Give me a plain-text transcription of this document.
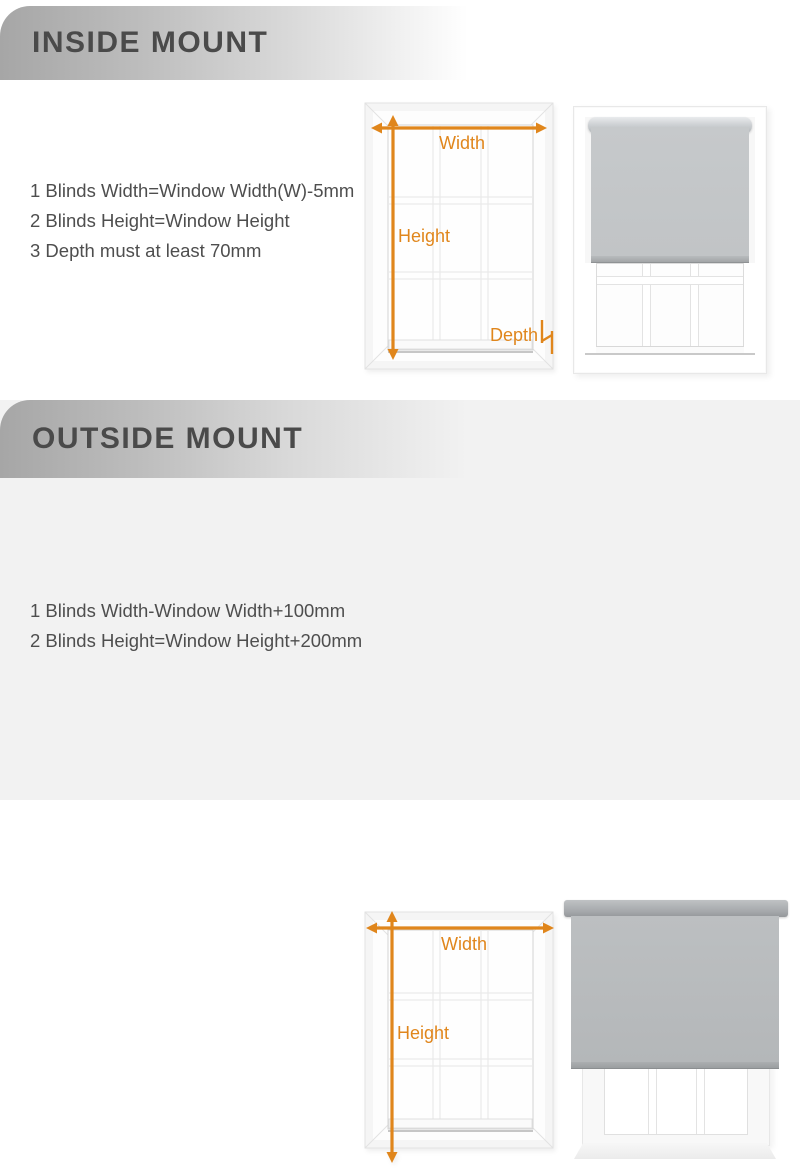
INSIDE MOUNT

1 Blinds Width=Window Width(W)-5mm

2 Blinds Height=Window Height

3 Depth must at least 70mm

Width
Height
Depth
OUTSIDE MOUNT

1 Blinds Width-Window Width+100mm

2 Blinds Height=Window Height+200mm

Width
Height
